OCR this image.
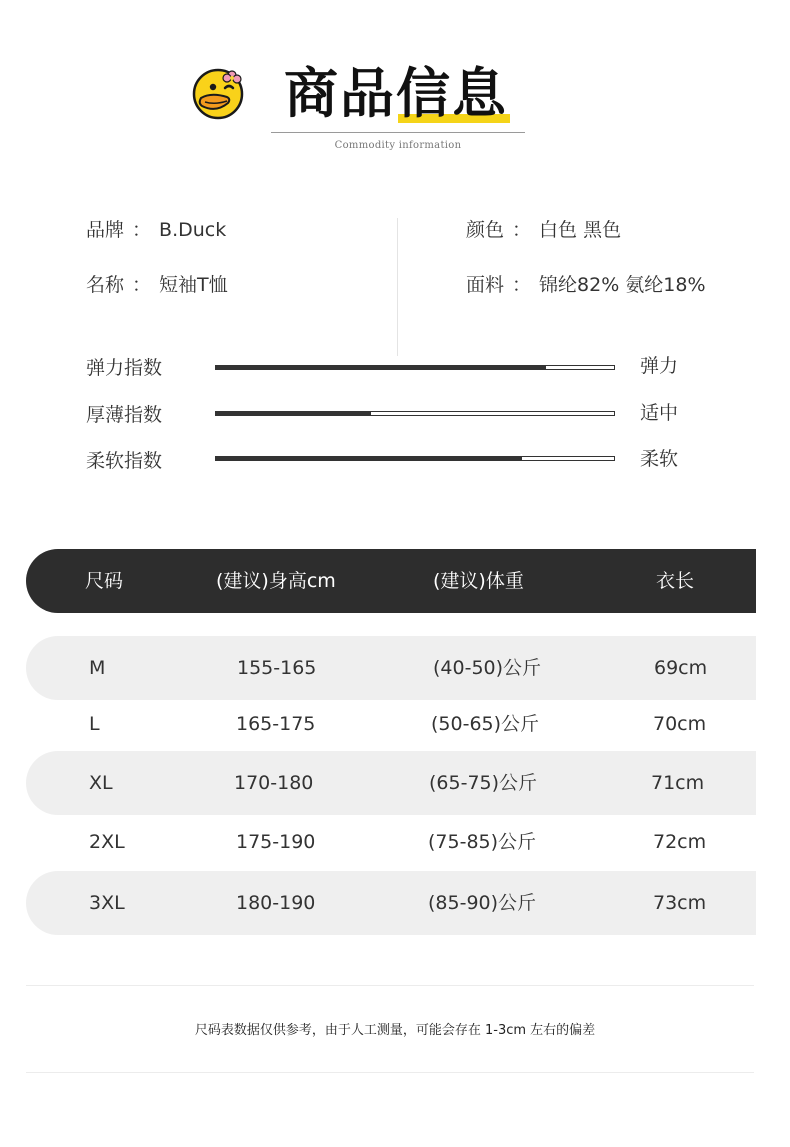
商品信息
Commodity information
品牌 ： B.Duck
名称 ： 短袖T恤
颜色 ： 白色 黑色
面料 ： 锦纶82% 氨纶18%
弹力指数	弹力
厚薄指数	适中
柔软指数	柔软
尺码	(建议)身高cm	(建议)体重	衣长
M	155-165	(40-50)公斤	69cm
L	165-175	(50-65)公斤	70cm
XL	170-180	(65-75)公斤	71cm
2XL	175-190	(75-85)公斤	72cm
3XL	180-190	(85-90)公斤	73cm
尺码表数据仅供参考，由于人工测量，可能会存在 1-3cm 左右的偏差
